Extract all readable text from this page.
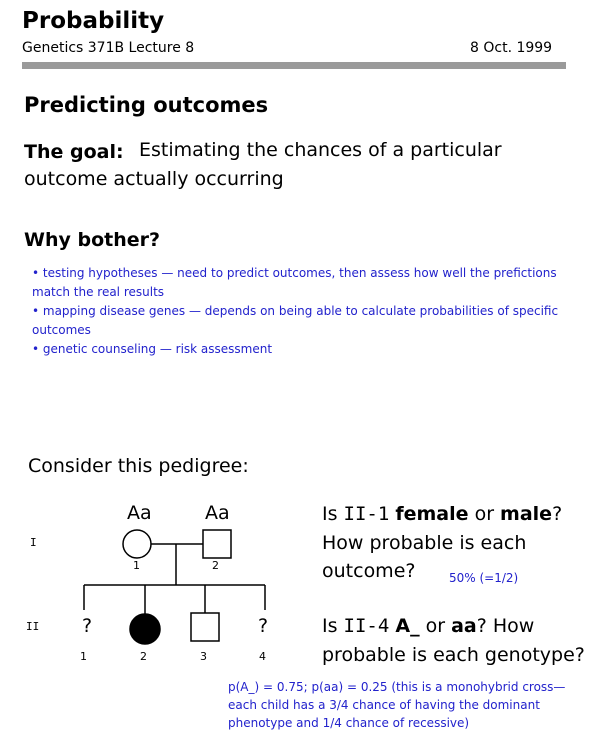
Probability
Genetics 371B Lecture 8	8 Oct. 1999
Predicting outcomes
The goal: Estimating the chances of a particular
outcome actually occurring
Why bother?
• testing hypotheses — need to predict outcomes, then assess how well the prefictions match the real results
• mapping disease genes — depends on being able to calculate probabilities of specific outcomes
• genetic counseling — risk assessment
Consider this pedigree:
I
II
Aa	Aa
1	2
?	?
1	2	3	4
Is II-1 female or male?
How probable is each
outcome?	50% (=1/2)
Is II-4 A_ or aa? How
probable is each genotype?
p(A_) = 0.75; p(aa) = 0.25 (this is a monohybrid cross—each child has a 3/4 chance of having the dominant phenotype and 1/4 chance of recessive)
